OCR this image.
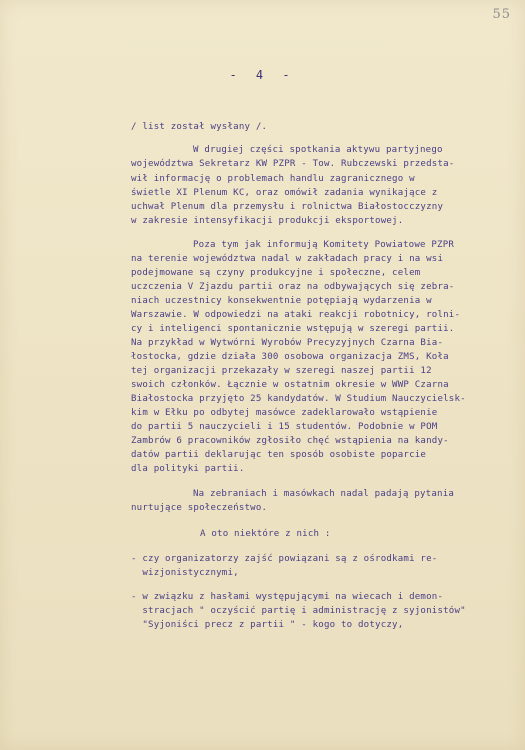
55
- 4 -
/ list został wysłany /.
W drugiej części spotkania aktywu partyjnego
województwa Sekretarz KW PZPR - Tow. Rubczewski przedsta-
wił informację o problemach handlu zagranicznego w
świetle XI Plenum KC, oraz omówił zadania wynikające z
uchwał Plenum dla przemysłu i rolnictwa Białostocczyzny
w zakresie intensyfikacji produkcji eksportowej.
Poza tym jak informują Komitety Powiatowe PZPR
na terenie województwa nadal w zakładach pracy i na wsi
podejmowane są czyny produkcyjne i społeczne, celem
uczczenia V Zjazdu partii oraz na odbywających się zebra-
niach uczestnicy konsekwentnie potępiają wydarzenia w
Warszawie. W odpowiedzi na ataki reakcji robotnicy, rolni-
cy i inteligenci spontanicznie wstępują w szeregi partii.
Na przykład w Wytwórni Wyrobów Precyzyjnych Czarna Bia-
łostocka, gdzie działa 300 osobowa organizacja ZMS, Koła
tej organizacji przekazały w szeregi naszej partii 12
swoich członków. Łącznie w ostatnim okresie w WWP Czarna
Białostocka przyjęto 25 kandydatów. W Studium Nauczycielsk-
kim w Ełku po odbytej masówce zadeklarowało wstąpienie
do partii 5 nauczycieli i 15 studentów. Podobnie w POM
Zambrów 6 pracowników zgłosiło chęć wstąpienia na kandy-
datów partii deklarując ten sposób osobiste poparcie
dla polityki partii.
Na zebraniach i masówkach nadal padają pytania
nurtujące społeczeństwo.
A oto niektóre z nich :
- czy organizatorzy zajść powiązani są z ośrodkami re-
wizjonistycznymi,
- w związku z hasłami występującymi na wiecach i demon-
stracjach " oczyścić partię i administrację z syjonistów"
"Syjoniści precz z partii " - kogo to dotyczy,
